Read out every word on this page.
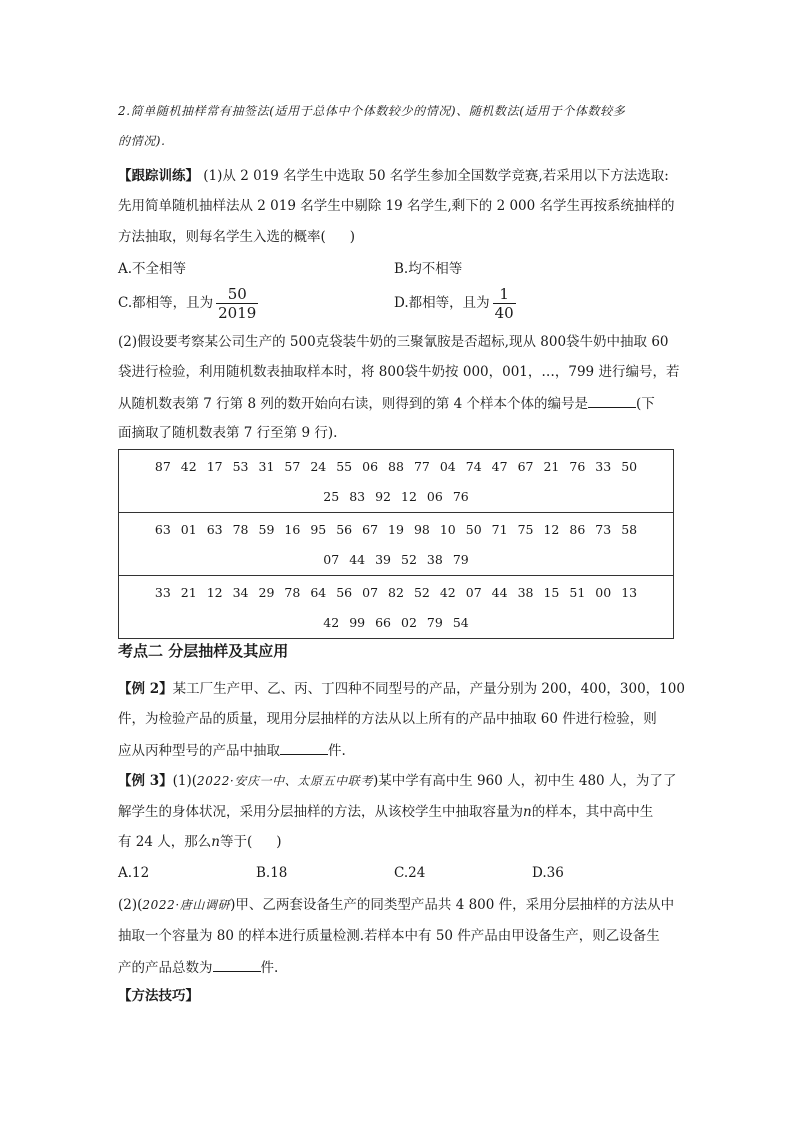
2.简单随机抽样常有抽签法(适用于总体中个体数较少的情况)、随机数法(适用于个体数较多
的情况).
【跟踪训练】 (1)从 2 019 名学生中选取 50 名学生参加全国数学竞赛,若采用以下方法选取:
先用简单随机抽样法从 2 019 名学生中剔除 19 名学生,剩下的 2 000 名学生再按系统抽样的
方法抽取，则每名学生入选的概率( )
A.不全相等	B.均不相等
C.都相等，且为 $\frac{50}{2019}$	D.都相等，且为 $\frac{1}{40}$
(2)假设要考察某公司生产的 500克袋装牛奶的三聚氰胺是否超标,现从 800袋牛奶中抽取 60
袋进行检验，利用随机数表抽取样本时，将 800袋牛奶按 000，001，…，799 进行编号，若
从随机数表第 7 行第 8 列的数开始向右读，则得到的第 4 个样本个体的编号是	(下
面摘取了随机数表第 7 行至第 9 行).
87 42 17 53 31 57 24 55 06 88 77 04 74 47 67 21 76 33 50
25 83 92 12 06 76

63 01 63 78 59 16 95 56 67 19 98 10 50 71 75 12 86 73 58
07 44 39 52 38 79

33 21 12 34 29 78 64 56 07 82 52 42 07 44 38 15 51 00 13
42 99 66 02 79 54
考点二 分层抽样及其应用
【例 2】某工厂生产甲、乙、丙、丁四种不同型号的产品，产量分别为 200，400，300，100
件，为检验产品的质量，现用分层抽样的方法从以上所有的产品中抽取 60 件进行检验，则
应从丙种型号的产品中抽取	件.
【例 3】(1)(2022·安庆一中、太原五中联考)某中学有高中生 960 人，初中生 480 人，为了了
解学生的身体状况，采用分层抽样的方法，从该校学生中抽取容量为n的样本，其中高中生
有 24 人，那么n等于( )
A.12	B.18	C.24	D.36
(2)(2022·唐山调研)甲、乙两套设备生产的同类型产品共 4 800 件，采用分层抽样的方法从中
抽取一个容量为 80 的样本进行质量检测.若样本中有 50 件产品由甲设备生产，则乙设备生
产的产品总数为	件.
【方法技巧】
